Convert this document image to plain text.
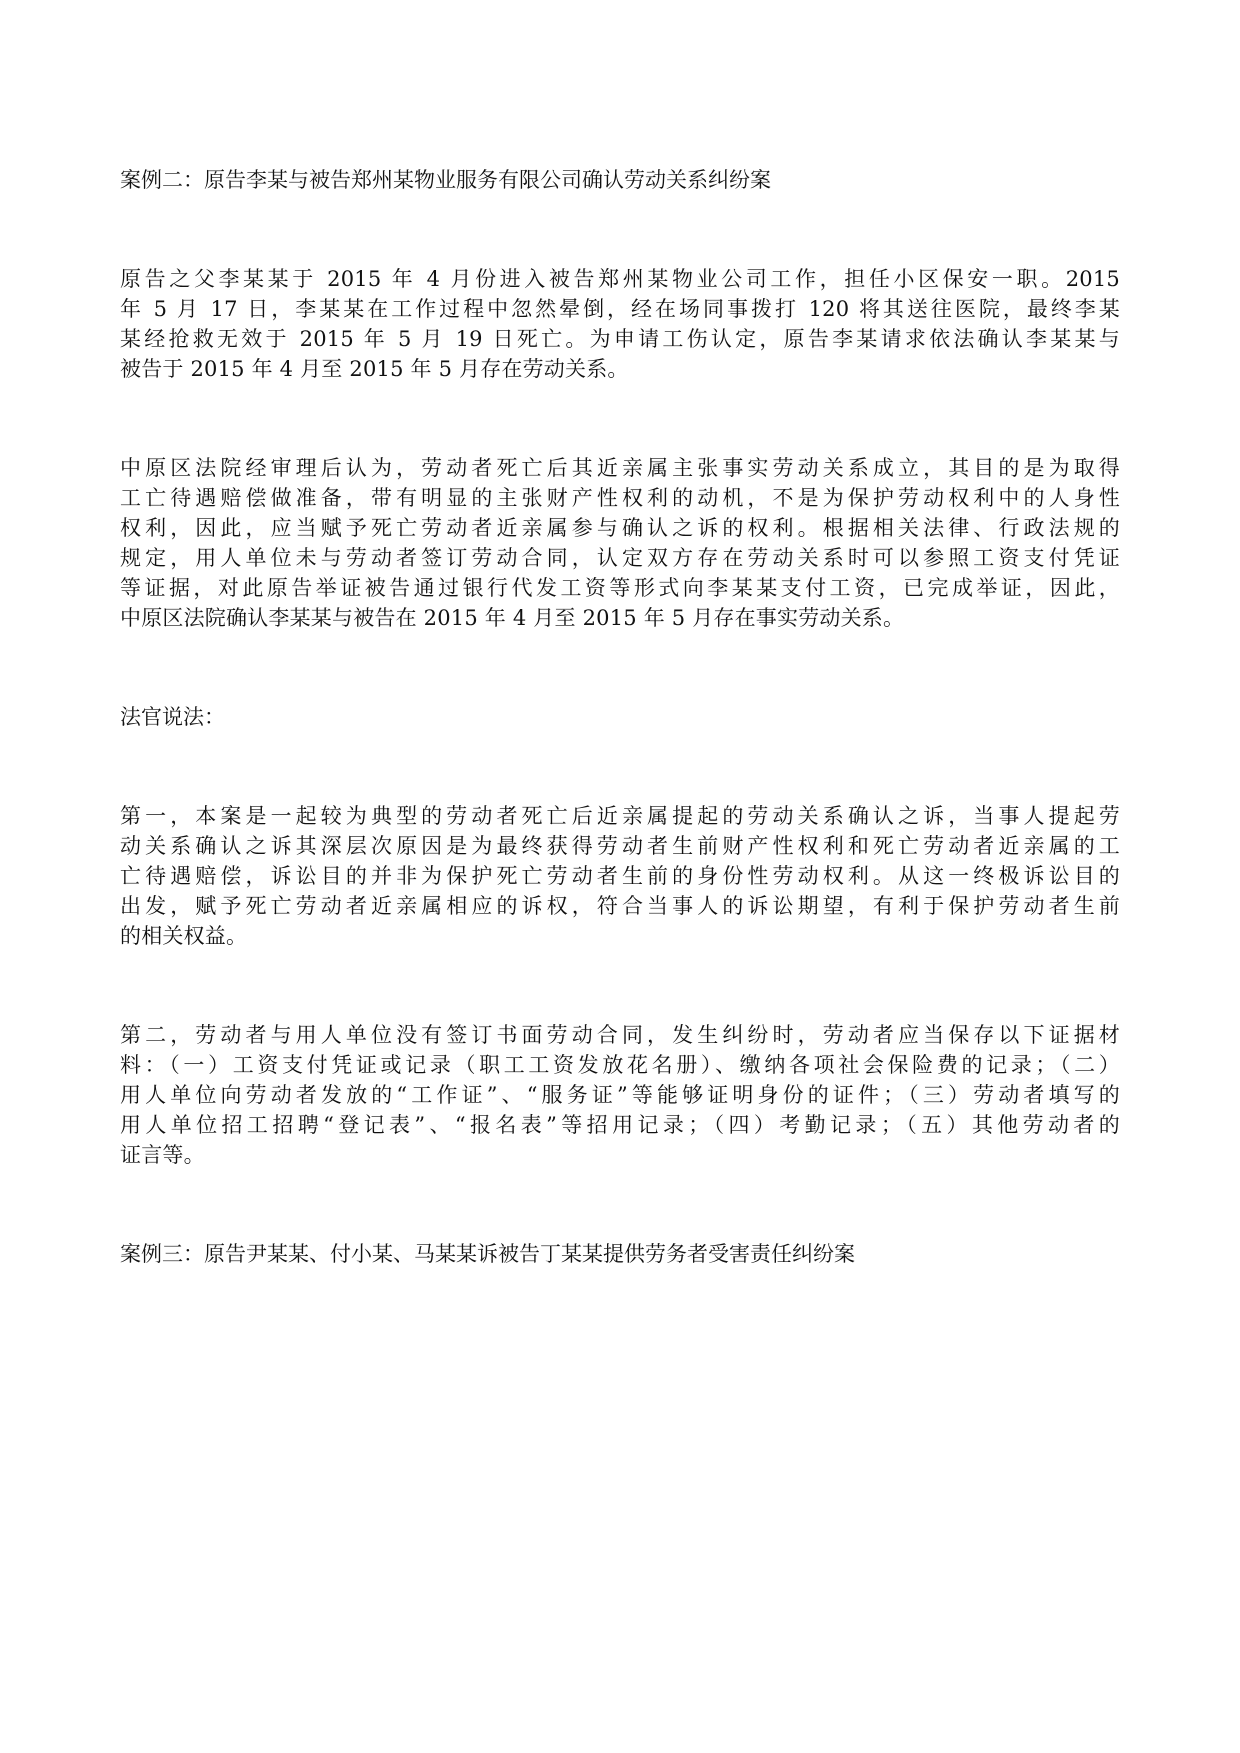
案例二：原告李某与被告郑州某物业服务有限公司确认劳动关系纠纷案
原告之父李某某于 2015 年 4 月份进入被告郑州某物业公司工作，担任小区保安一职。2015
年 5 月 17 日，李某某在工作过程中忽然晕倒，经在场同事拨打 120 将其送往医院，最终李某
某经抢救无效于 2015 年 5 月 19 日死亡。为申请工伤认定，原告李某请求依法确认李某某与
被告于 2015 年 4 月至 2015 年 5 月存在劳动关系。
中原区法院经审理后认为，劳动者死亡后其近亲属主张事实劳动关系成立，其目的是为取得
工亡待遇赔偿做准备，带有明显的主张财产性权利的动机，不是为保护劳动权利中的人身性
权利，因此，应当赋予死亡劳动者近亲属参与确认之诉的权利。根据相关法律、行政法规的
规定，用人单位未与劳动者签订劳动合同，认定双方存在劳动关系时可以参照工资支付凭证
等证据，对此原告举证被告通过银行代发工资等形式向李某某支付工资，已完成举证，因此，
中原区法院确认李某某与被告在 2015 年 4 月至 2015 年 5 月存在事实劳动关系。
法官说法：
第一，本案是一起较为典型的劳动者死亡后近亲属提起的劳动关系确认之诉，当事人提起劳
动关系确认之诉其深层次原因是为最终获得劳动者生前财产性权利和死亡劳动者近亲属的工
亡待遇赔偿，诉讼目的并非为保护死亡劳动者生前的身份性劳动权利。从这一终极诉讼目的
出发，赋予死亡劳动者近亲属相应的诉权，符合当事人的诉讼期望，有利于保护劳动者生前
的相关权益。
第二，劳动者与用人单位没有签订书面劳动合同，发生纠纷时，劳动者应当保存以下证据材
料：（一）工资支付凭证或记录（职工工资发放花名册）、缴纳各项社会保险费的记录；（二）
用人单位向劳动者发放的“工作证”、“服务证”等能够证明身份的证件；（三）劳动者填写的
用人单位招工招聘“登记表”、“报名表”等招用记录；（四）考勤记录；（五）其他劳动者的
证言等。
案例三：原告尹某某、付小某、马某某诉被告丁某某提供劳务者受害责任纠纷案
